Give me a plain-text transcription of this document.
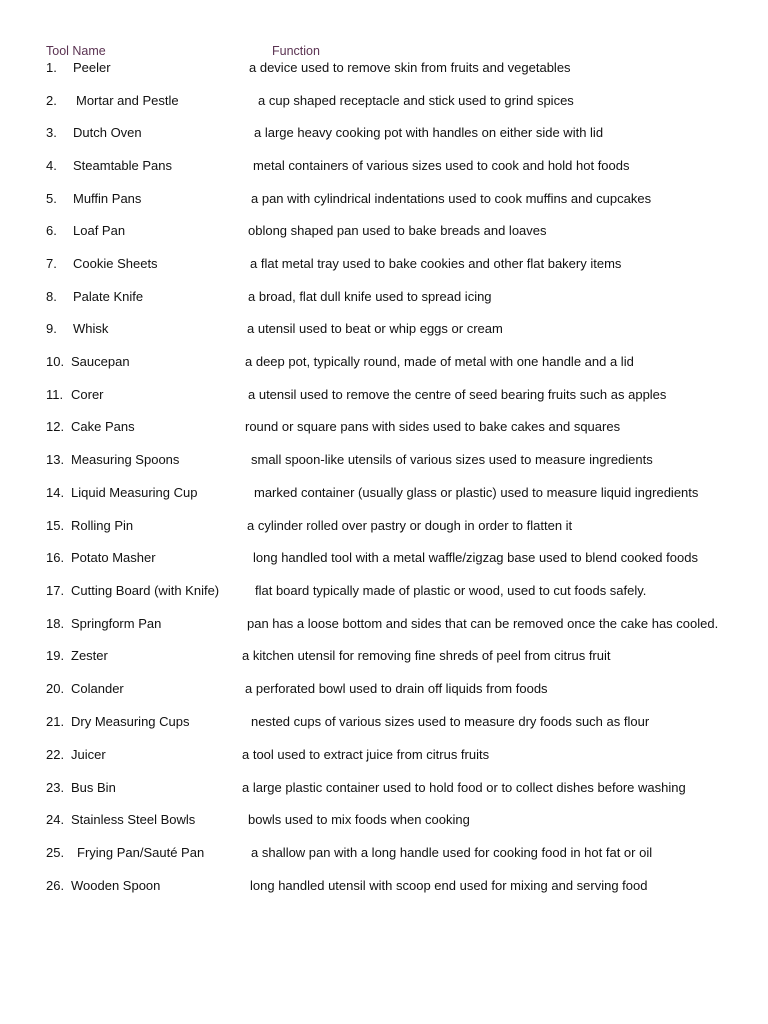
Tool Name	Function
1. Peeler	a device used to remove skin from fruits and vegetables
2. Mortar and Pestle	a cup shaped receptacle and stick used to grind spices
3. Dutch Oven	a large heavy cooking pot with handles on either side with lid
4. Steamtable Pans	metal containers of various sizes used to cook and hold hot foods
5. Muffin Pans	a pan with cylindrical indentations used to cook muffins and cupcakes
6. Loaf Pan	oblong shaped pan used to bake breads and loaves
7. Cookie Sheets	a flat metal tray used to bake cookies and other flat bakery items
8. Palate Knife	a broad, flat dull knife used to spread icing
9. Whisk	a utensil used to beat or whip eggs or cream
10. Saucepan	a deep pot, typically round, made of metal with one handle and a lid
11. Corer	a utensil used to remove the centre of seed bearing fruits such as apples
12. Cake Pans	round or square pans with sides used to bake cakes and squares
13. Measuring Spoons	small spoon-like utensils of various sizes used to measure ingredients
14. Liquid Measuring Cup	marked container (usually glass or plastic) used to measure liquid ingredients
15. Rolling Pin	a cylinder rolled over pastry or dough in order to flatten it
16. Potato Masher	long handled tool with a metal waffle/zigzag base used to blend cooked foods
17. Cutting Board (with Knife)	flat board typically made of plastic or wood, used to cut foods safely.
18. Springform Pan	pan has a loose bottom and sides that can be removed once the cake has cooled.
19. Zester	a kitchen utensil for removing fine shreds of peel from citrus fruit
20. Colander	a perforated bowl used to drain off liquids from foods
21. Dry Measuring Cups	nested cups of various sizes used to measure dry foods such as flour
22. Juicer	a tool used to extract juice from citrus fruits
23. Bus Bin	a large plastic container used to hold food or to collect dishes before washing
24. Stainless Steel Bowls	bowls used to mix foods when cooking
25. Frying Pan/Sauté Pan	a shallow pan with a long handle used for cooking food in hot fat or oil
26. Wooden Spoon	long handled utensil with scoop end used for mixing and serving food
